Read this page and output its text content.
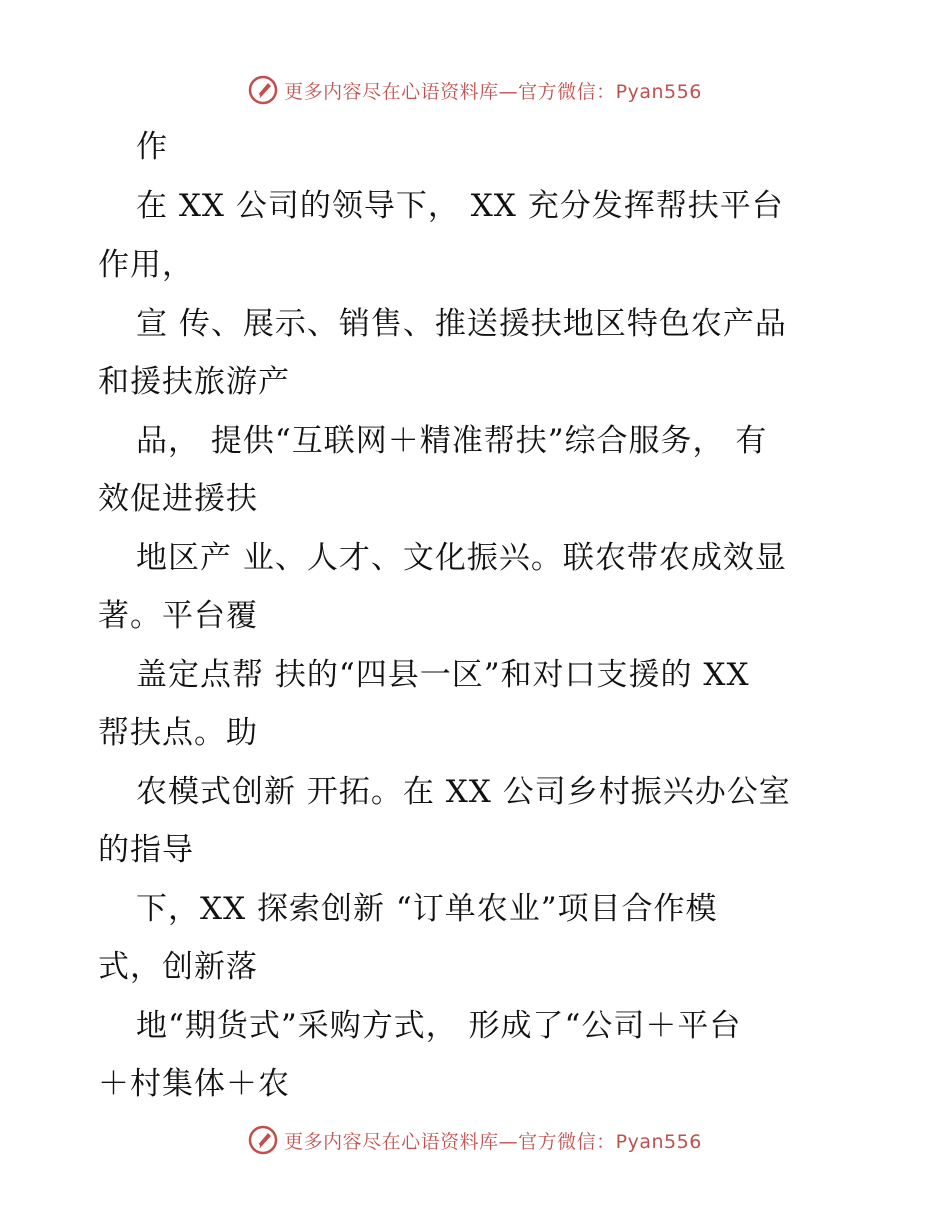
更多内容尽在心语资料库—官方微信：Pyan556
作
在 XX 公司的领导下， XX 充分发挥帮扶平台
作用，
宣 传、展示、销售、推送援扶地区特色农产品
和援扶旅游产
品， 提供“互联网＋精准帮扶”综合服务， 有
效促进援扶
地区产 业、人才、文化振兴。联农带农成效显
著。平台覆
盖定点帮 扶的“四县一区”和对口支援的 XX
帮扶点。助
农模式创新 开拓。在 XX 公司乡村振兴办公室
的指导
下，XX 探索创新 “订单农业”项目合作模
式，创新落
地“期货式”采购方式， 形成了“公司＋平台
＋村集体＋农
更多内容尽在心语资料库—官方微信：Pyan556
